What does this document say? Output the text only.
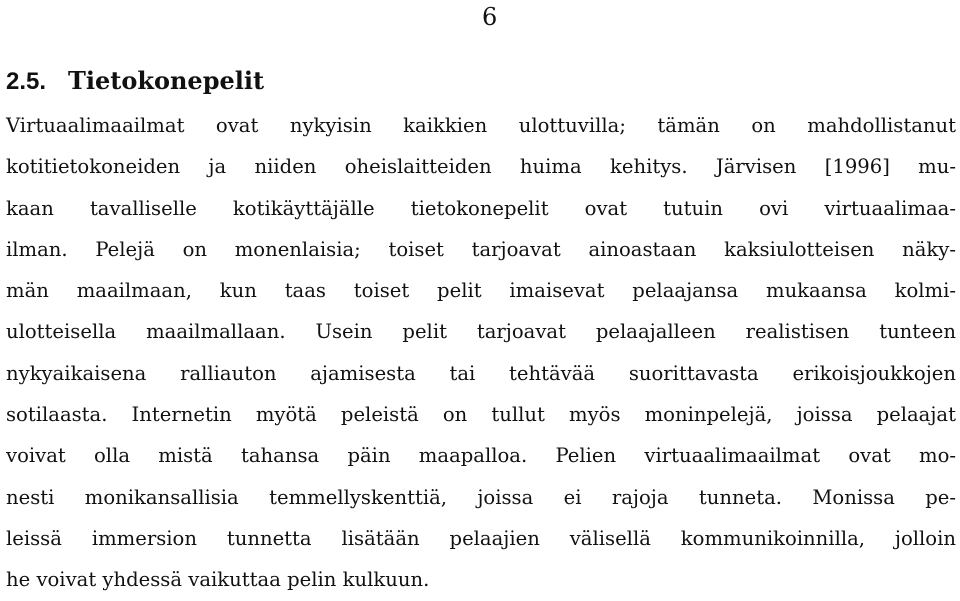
6
2.5. Tietokonepelit
Virtuaalimaailmat ovat nykyisin kaikkien ulottuvilla; tämän on mahdollistanut
kotitietokoneiden ja niiden oheislaitteiden huima kehitys. Järvisen [1996] mu-
kaan tavalliselle kotikäyttäjälle tietokonepelit ovat tutuin ovi virtuaalimaa-
ilman. Pelejä on monenlaisia; toiset tarjoavat ainoastaan kaksiulotteisen näky-
män maailmaan, kun taas toiset pelit imaisevat pelaajansa mukaansa kolmi-
ulotteisella maailmallaan. Usein pelit tarjoavat pelaajalleen realistisen tunteen
nykyaikaisena ralliauton ajamisesta tai tehtävää suorittavasta erikoisjoukkojen
sotilaasta. Internetin myötä peleistä on tullut myös moninpelejä, joissa pelaajat
voivat olla mistä tahansa päin maapalloa. Pelien virtuaalimaailmat ovat mo-
nesti monikansallisia temmellyskenttiä, joissa ei rajoja tunneta. Monissa pe-
leissä immersion tunnetta lisätään pelaajien välisellä kommunikoinnilla, jolloin
he voivat yhdessä vaikuttaa pelin kulkuun.
